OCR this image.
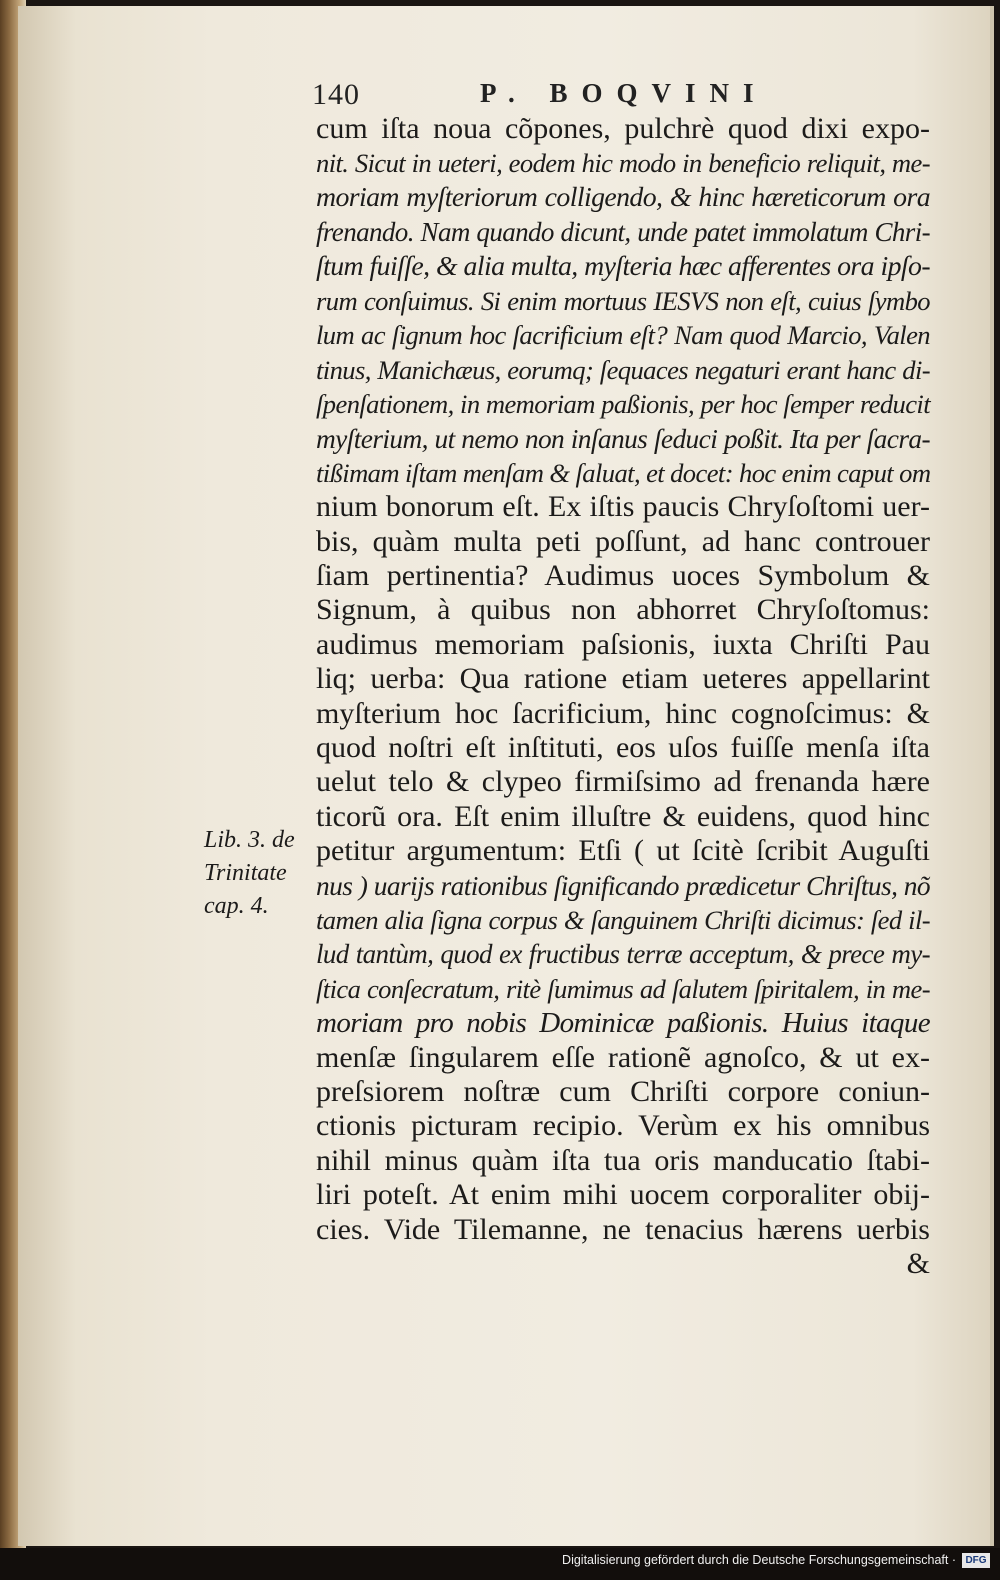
140	P. BOQVINI
cum iſta noua cõpones, pulchrè quod dixi expo-
nit. Sicut in ueteri, eodem hic modo in beneficio reliquit, me-
moriam myſteriorum colligendo, & hinc hæreticorum ora
frenando. Nam quando dicunt, unde patet immolatum Chri-
ſtum fuiſſe, & alia multa, myſteria hæc afferentes ora ipſo-
rum conſuimus. Si enim mortuus IESVS non eſt, cuius ſymbo
lum ac ſignum hoc ſacrificium eſt? Nam quod Marcio, Valen
tinus, Manichæus, eorumq; ſequaces negaturi erant hanc di-
ſpenſationem, in memoriam paßionis, per hoc ſemper reducit
myſterium, ut nemo non inſanus ſeduci poßit. Ita per ſacra-
tißimam iſtam menſam & ſaluat, et docet: hoc enim caput om
nium bonorum eſt. Ex iſtis paucis Chryſoſtomi uer-
bis, quàm multa peti poſſunt, ad hanc controuer
ſiam pertinentia? Audimus uoces Symbolum &
Signum, à quibus non abhorret Chryſoſtomus:
audimus memoriam paſsionis, iuxta Chriſti Pau
liq; uerba: Qua ratione etiam ueteres appellarint
myſterium hoc ſacrificium, hinc cognoſcimus: &
quod noſtri eſt inſtituti, eos uſos fuiſſe menſa iſta
uelut telo & clypeo firmiſsimo ad frenanda hære
ticorũ ora. Eſt enim illuſtre & euidens, quod hinc
petitur argumentum: Etſi ( ut ſcitè ſcribit Auguſti
nus ) uarijs rationibus ſignificando prædicetur Chriſtus, nõ
tamen alia ſigna corpus & ſanguinem Chriſti dicimus: ſed il-
lud tantùm, quod ex fructibus terræ acceptum, & prece my-
ſtica conſecratum, ritè ſumimus ad ſalutem ſpiritalem, in me-
moriam pro nobis Dominicæ paßionis. Huius itaque
menſæ ſingularem eſſe rationẽ agnoſco, & ut ex-
preſsiorem noſtræ cum Chriſti corpore coniun-
ctionis picturam recipio. Verùm ex his omnibus
nihil minus quàm iſta tua oris manducatio ſtabi-
liri poteſt. At enim mihi uocem corporaliter obij-
cies. Vide Tilemanne, ne tenacius hærens uerbis
&
Lib. 3. de
Trinitate
cap. 4.
Digitalisierung gefördert durch die Deutsche Forschungsgemeinschaft · DFG
